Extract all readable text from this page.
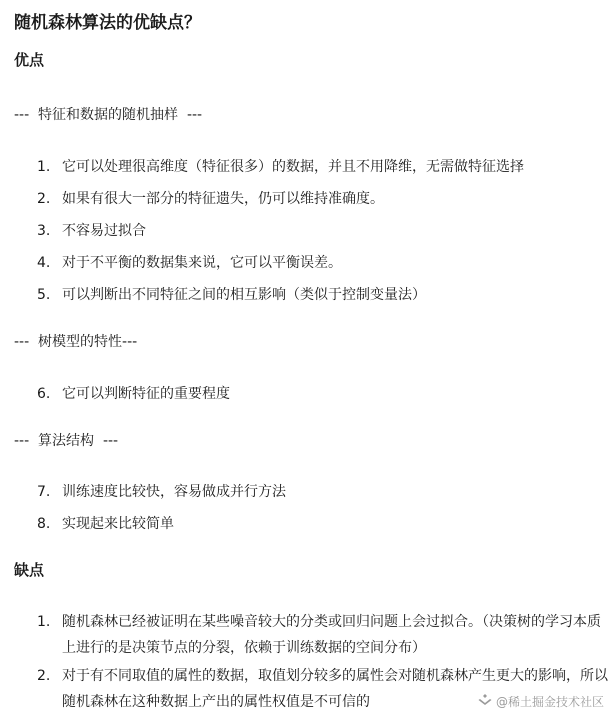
随机森林算法的优缺点？
优点
---  特征和数据的随机抽样  ---
1. 它可以处理很高维度（特征很多）的数据，并且不用降维，无需做特征选择
2. 如果有很大一部分的特征遗失，仍可以维持准确度。
3. 不容易过拟合
4. 对于不平衡的数据集来说，它可以平衡误差。
5. 可以判断出不同特征之间的相互影响（类似于控制变量法）
---  树模型的特性---
6. 它可以判断特征的重要程度
---  算法结构  ---
7. 训练速度比较快，容易做成并行方法
8. 实现起来比较简单
缺点
1. 随机森林已经被证明在某些噪音较大的分类或回归问题上会过拟合。（决策树的学习本质上进行的是决策节点的分裂，依赖于训练数据的空间分布）
2. 对于有不同取值的属性的数据，取值划分较多的属性会对随机森林产生更大的影响，所以随机森林在这种数据上产出的属性权值是不可信的	@稀土掘金技术社区
